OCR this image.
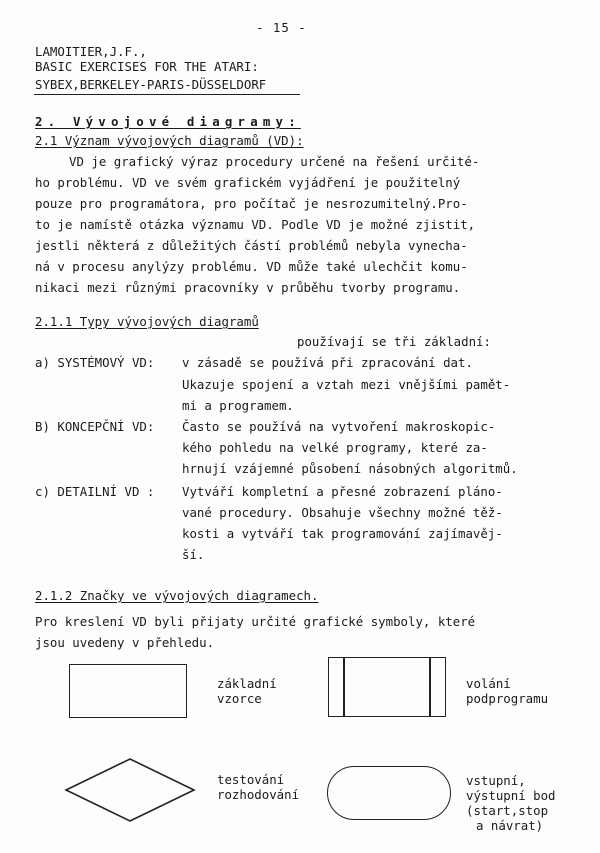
- 15 -
LAMOITIER,J.F.,
BASIC EXERCISES FOR THE ATARI:
SYBEX,BERKELEY-PARIS-DÜSSELDORF
2. Vývojové diagramy:
2.1 Význam vývojových diagramů (VD):
VD je grafický výraz procedury určené na řešení určité-
ho problému. VD ve svém grafickém vyjádření je použitelný
pouze pro programátora, pro počítač je nesrozumitelný.Pro-
to je namístě otázka významu VD. Podle VD je možné zjistit,
jestli některá z důležitých částí problémů nebyla vynecha-
ná v procesu anylýzy problému. VD může také ulechčit komu-
nikaci mezi různými pracovníky v průběhu tvorby programu.
2.1.1 Typy vývojových diagramů
používají se tři základní:
a) SYSTÉMOVÝ VD: v zásadě se používá při zpracování dat.
Ukazuje spojení a vztah mezi vnějšími pamět-
mi a programem.
B) KONCEPČNÍ VD: Často se používá na vytvoření makroskopic-
kého pohledu na velké programy, které za-
hrnují vzájemné působení násobných algoritmů.
c) DETAILNÍ VD : Vytváří kompletní a přesné zobrazení pláno-
vané procedury. Obsahuje všechny možné těž-
kosti a vytváří tak programování zajímavěj-
ší.
2.1.2 Značky ve vývojových diagramech.
Pro kreslení VD byli přijaty určité grafické symboly, které
jsou uvedeny v přehledu.
základní
vzorce
volání
podprogramu
testování
rozhodování
vstupní,
výstupní bod
(start,stop
a návrat)
